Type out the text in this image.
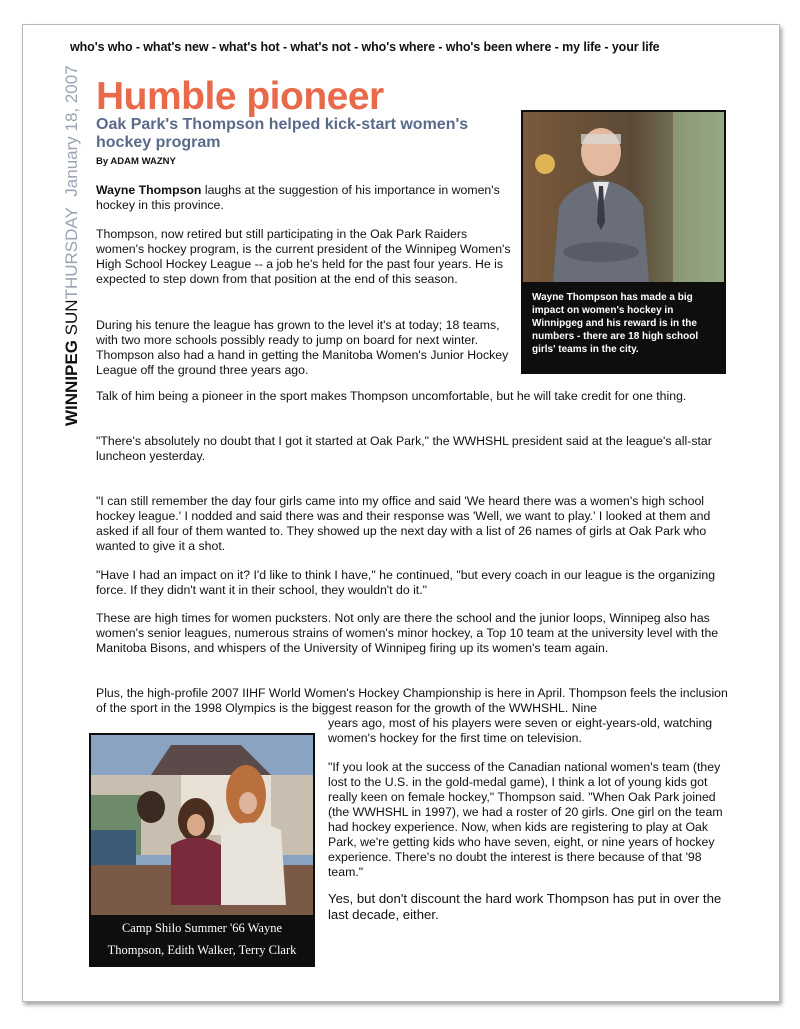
who's who - what's new - what's hot - what's not - who's where - who's been where - my life - your life
WINNIPEG SUNTHURSDAY January 18, 2007 Humble pioneer
Oak Park's Thompson helped kick-start women's hockey program
By ADAM WAZNY

Wayne Thompson laughs at the suggestion of his importance in women's hockey in this province.

Thompson, now retired but still participating in the Oak Park Raiders women's hockey program, is the current president of the Winnipeg Women's High School Hockey League -- a job he's held for the past four years. He is expected to step down from that position at the end of this season.

During his tenure the league has grown to the level it's at today; 18 teams, with two more schools possibly ready to jump on board for next winter. Thompson also had a hand in getting the Manitoba Women's Junior Hockey League off the ground three years ago.

Talk of him being a pioneer in the sport makes Thompson uncomfortable, but he will take credit for one thing.

"There's absolutely no doubt that I got it started at Oak Park," the WWHSHL president said at the league's all-star luncheon yesterday.

"I can still remember the day four girls came into my office and said 'We heard there was a women's high school hockey league.' I nodded and said there was and their response was 'Well, we want to play.' I looked at them and asked if all four of them wanted to. They showed up the next day with a list of 26 names of girls at Oak Park who wanted to give it a shot.

"Have I had an impact on it? I'd like to think I have," he continued, "but every coach in our league is the organizing force. If they didn't want it in their school, they wouldn't do it."

These are high times for women pucksters. Not only are there the school and the junior loops, Winnipeg also has women's senior leagues, numerous strains of women's minor hockey, a Top 10 team at the university level with the Manitoba Bisons, and whispers of the University of Winnipeg firing up its women's team again.

Plus, the high-profile 2007 IIHF World Women's Hockey Championship is here in April. Thompson feels the inclusion of the sport in the 1998 Olympics is the biggest reason for the growth of the WWHSHL. Nine

years ago, most of his players were seven or eight-years-old, watching women's hockey for the first time on television.

"If you look at the success of the Canadian national women's team (they lost to the U.S. in the gold-medal game), I think a lot of young kids got really keen on female hockey," Thompson said. "When Oak Park joined (the WWHSHL in 1997), we had a roster of 20 girls. One girl on the team had hockey experience. Now, when kids are registering to play at Oak Park, we're getting kids who have seven, eight, or nine years of hockey experience. There's no doubt the interest is there because of that '98 team."

Yes, but don't discount the hard work Thompson has put in over the last decade, either.

Wayne Thompson has made a big impact on women's hockey in Winnipgeg and his reward is in the numbers - there are 18 high school girls' teams in the city.
Camp Shilo Summer '66 Wayne
Thompson, Edith Walker, Terry Clark
